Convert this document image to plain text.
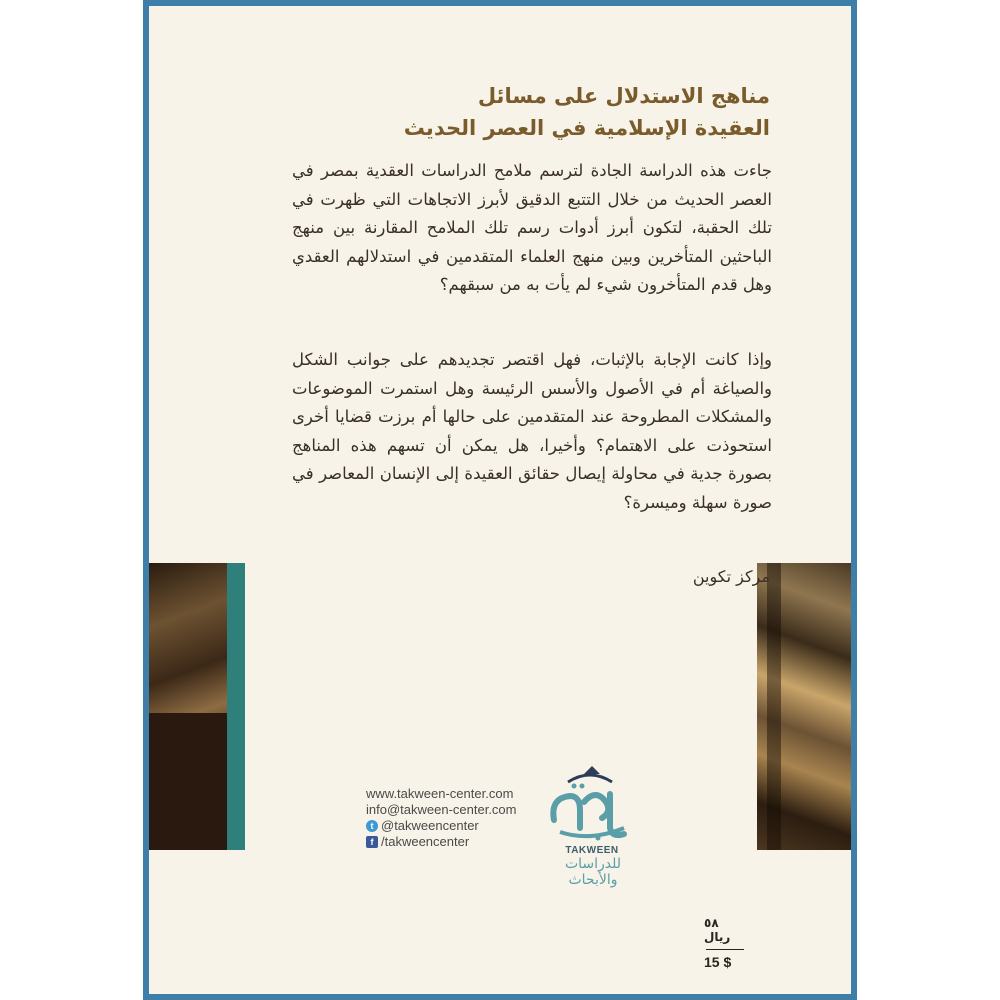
مناهج الاستدلال على مسائل
العقيدة الإسلامية في العصر الحديث

جاءت هذه الدراسة الجادة لترسم ملامح الدراسات العقدية بمصر في العصر الحديث من خلال التتبع الدقيق لأبرز الاتجاهات التي ظهرت في تلك الحقبة، لتكون أبرز أدوات رسم تلك الملامح المقارنة بين منهج الباحثين المتأخرين وبين منهج العلماء المتقدمين في استدلالهم العقدي وهل قدم المتأخرون شيء لم يأت به من سبقهم؟

وإذا كانت الإجابة بالإثبات، فهل اقتصر تجديدهم على جوانب الشكل والصياغة أم في الأصول والأسس الرئيسة وهل استمرت الموضوعات والمشكلات المطروحة عند المتقدمين على حالها أم برزت قضايا أخرى استحوذت على الاهتمام؟ وأخيرا، هل يمكن أن تسهم هذه المناهج بصورة جدية في محاولة إيصال حقائق العقيدة إلى الإنسان المعاصر في صورة سهلة وميسرة؟

مركز تكوين

www.takween-center.com
info@takween-center.com
t @takweencenter
f /takweencenter
TAKWEEN
للدراسات والأبحاث
٥٨ ريال
15 $
